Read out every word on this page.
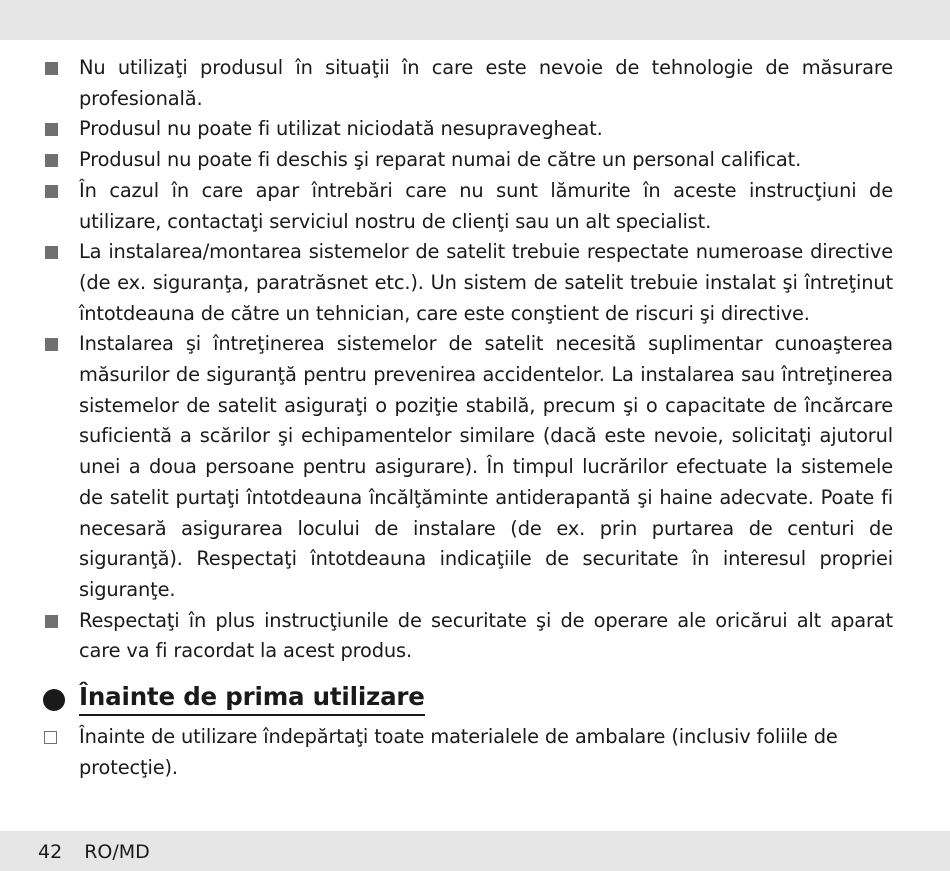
Nu utilizaţi produsul în situaţii în care este nevoie de tehnologie de măsurare profesională.
Produsul nu poate fi utilizat niciodată nesupravegheat.
Produsul nu poate fi deschis şi reparat numai de către un personal calificat.
În cazul în care apar întrebări care nu sunt lămurite în aceste instrucţiuni de utilizare, contactaţi serviciul nostru de clienţi sau un alt specialist.
La instalarea/montarea sistemelor de satelit trebuie respectate numeroase directive (de ex. siguranţa, paratrăsnet etc.). Un sistem de satelit trebuie instalat şi întreţinut întotdeauna de către un tehnician, care este conştient de riscuri şi directive.
Instalarea şi întreţinerea sistemelor de satelit necesită suplimentar cunoaşterea măsurilor de siguranţă pentru prevenirea accidentelor. La instalarea sau întreţinerea sistemelor de satelit asiguraţi o poziţie stabilă, precum şi o capacitate de încărcare suficientă a scărilor şi echipamentelor similare (dacă este nevoie, solicitaţi ajutorul unei a doua persoane pentru asigurare). În timpul lucrărilor efectuate la sistemele de satelit purtaţi întotdeauna încălţăminte antiderapantă şi haine adecvate. Poate fi necesară asigurarea locului de instalare (de ex. prin purtarea de centuri de siguranţă). Respectaţi întotdeauna indicaţiile de securitate în interesul propriei siguranţe.
Respectaţi în plus instrucţiunile de securitate şi de operare ale oricărui alt aparat care va fi racordat la acest produs.
Înainte de prima utilizare
Înainte de utilizare îndepărtaţi toate materialele de ambalare (inclusiv foliile de protecţie).
42 RO/MD
